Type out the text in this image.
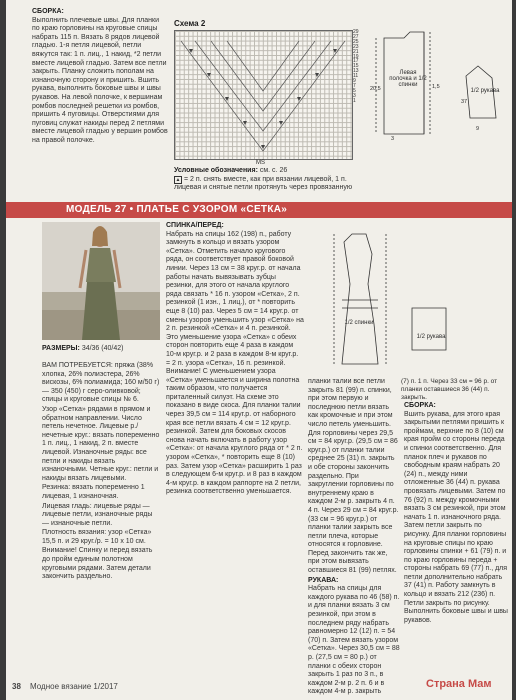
СБОРКА:

Выполнить плечевые швы. Для планки по краю горловины на круговые спицы набрать 115 п. Вязать 8 рядов лицевой гладью. 1-я петля лицевой, петли вяжутся так: 1 п. лиц., 1 накид, *2 петли вместе лицевой гладью. Затем все петли закрыть. Планку сложить пополам на изнаночную сторону и пришить. Вшить рукава, выполнить боковые швы и швы рукавов. На левой полочке, к вершинам ромбов последней решетки из ромбов, пришить 4 пуговицы. Отверстиями для пуговиц служат накиды перед 2 петлями вместе лицевой гладью у вершин ромбов на правой полочке.

Схема 2
29
27
25
23
21
19
17
15
13
11
9
7
5
3
1
МS
Условные обозначения: см. с. 26
▲ = 2 п. снять вместе, как при вязании лицевой, 1 п. лицевая и снятые петли протянуть через провязанную
Левая полочка и 1/2 спинки
1/2 рукава
20,5	1,5
37
3
9
МОДЕЛЬ 27 • ПЛАТЬЕ С УЗОРОМ «СЕТКА»
РАЗМЕРЫ: 34/36 (40/42)

ВАМ ПОТРЕБУЕТСЯ: пряжа (38% хлопка, 26% полиэстера, 26% вискозы, 6% полиамида; 160 м/50 г) — 350 (450) г серо-оливковой; спицы и круговые спицы № 6.

Узор «Сетка» рядами в прямом и обратном направлении. Число петель нечетное. Лицевые р./нечетные круг.: вязать попеременно 1 п. лиц., 1 накид, 2 п. вместе лицевой. Изнаночные ряды: все петли и накиды вязать изнаночными. Четные круг.: петли и накиды вязать лицевыми.

Резинка: вязать попеременно 1 лицевая, 1 изнаночная.

Лицевая гладь: лицевые ряды — лицевые петли, изнаночные ряды — изнаночные петли.

Плотность вязания: узор «Сетка» 15,5 п. и 29 круг./р. = 10 х 10 см.

Внимание! Спинку и перед вязать до пройм единым полотном круговыми рядами. Затем детали закончить раздельно.

СПИНКА/ПЕРЕД:

Набрать на спицы 162 (198) п., работу замкнуть в кольцо и вязать узором «Сетка». Отметить начало кругового ряда, он соответствует правой боковой линии. Через 13 см = 38 круг.р. от начала работы начать вывязывать зубцы резинки, для этого от начала круглого ряда связать * 16 п. узором «Сетка», 2 п. резинкой (1 изн., 1 лиц.), от * повторить еще 8 (10) раз. Через 5 см = 14 круг.р. от смены узоров уменьшить узор «Сетка» на 2 п. резинкой «Сетка» и 4 п. резинкой. Это уменьшение узора «Сетка» с обеих сторон повторить еще 4 раза в каждом 10-м круг.р. и 2 раза в каждом 8-м круг.р. = 2 п. узора «Сетка», 16 п. резинкой. Внимание! С уменьшением узора «Сетка» уменьшается и ширина полотна таким образом, что получается приталенный силуэт. На схеме это показано в виде скоса. Для планки талии через 39,5 см = 114 круг.р. от наборного края все петли вязать 4 см = 12 круг.р. резинкой. Затем для боковых скосов снова начать включать в работу узор «Сетка»: от начала круглого ряда от * 2 п. узором «Сетка», * повторить еще 8 (10) раз. Затем узор «Сетка» расширить 1 раз в следующем 6-м круг.р. и 8 раз в каждом 4-м круг.р. в каждом раппорте на 2 петли, резинка соответственно уменьшается.

1/2 спинки
1/2 рукава
(7) п. 1 п. Через 33 см = 96 р. от планки оставшиеся 36 (44) п. закрыть.

планки талии все петли закрыть 81 (99) п. спинки, при этом первую и последнюю петли вязать как кромочные и при этом число петель уменьшить. Для горловины через 29,5 см = 84 круг.р. (29,5 см = 86 круг.р.) от планки талии среднее 25 (31) п. закрыть и обе стороны закончить раздельно. При закруглении горловины по внутреннему краю в каждом 2-м р. закрыть 4 п. 4 п. Через 29 см = 84 круг.р. (33 см = 96 круг.р.) от планки талии закрыть все петли плеча, которые относятся к горловине. Перед закончить так же, при этом вывязать оставшиеся 81 (99) петлях.

РУКАВА:

Набрать на спицы для каждого рукава по 46 (58) п. и для планки вязать 3 см резинкой, при этом в последнем ряду набрать равномерно 12 (12) п. = 54 (70) п. Затем вязать узором «Сетка». Через 30,5 см = 88 р. (27,5 см = 80 р.) от планки с обеих сторон закрыть 1 раз по 3 п., в каждом 2-м р. 2 п. 6 и в каждом 4-м р. закрыть

СБОРКА:

Вшить рукава, для этого края закрытыми петлями пришить к проймам, верхние по 8 (10) см края пройм со стороны переда и спинки соответственно. Для планок плеч и рукавов по свободным краям набрать 20 (24) п., между ними отложенные 36 (44) п. рукава провязать лицевыми. Затем по 76 (92) п. между кромочными вязать 3 см резинкой, при этом начать 1 п. изнаночного ряда. Затем петли закрыть по рисунку. Для планки горловины на круговые спицы по краю горловины спинки + 61 (79) п. и по краю горловины переда + стороны набрать 69 (77) п., для петли дополнительно набрать 37 (41) п. Работу замкнуть в кольцо и вязать 212 (236) п. Петли закрыть по рисунку. Выполнить боковые швы и швы рукавов.

38 Модное вязание 1/2017	Страна Мам
